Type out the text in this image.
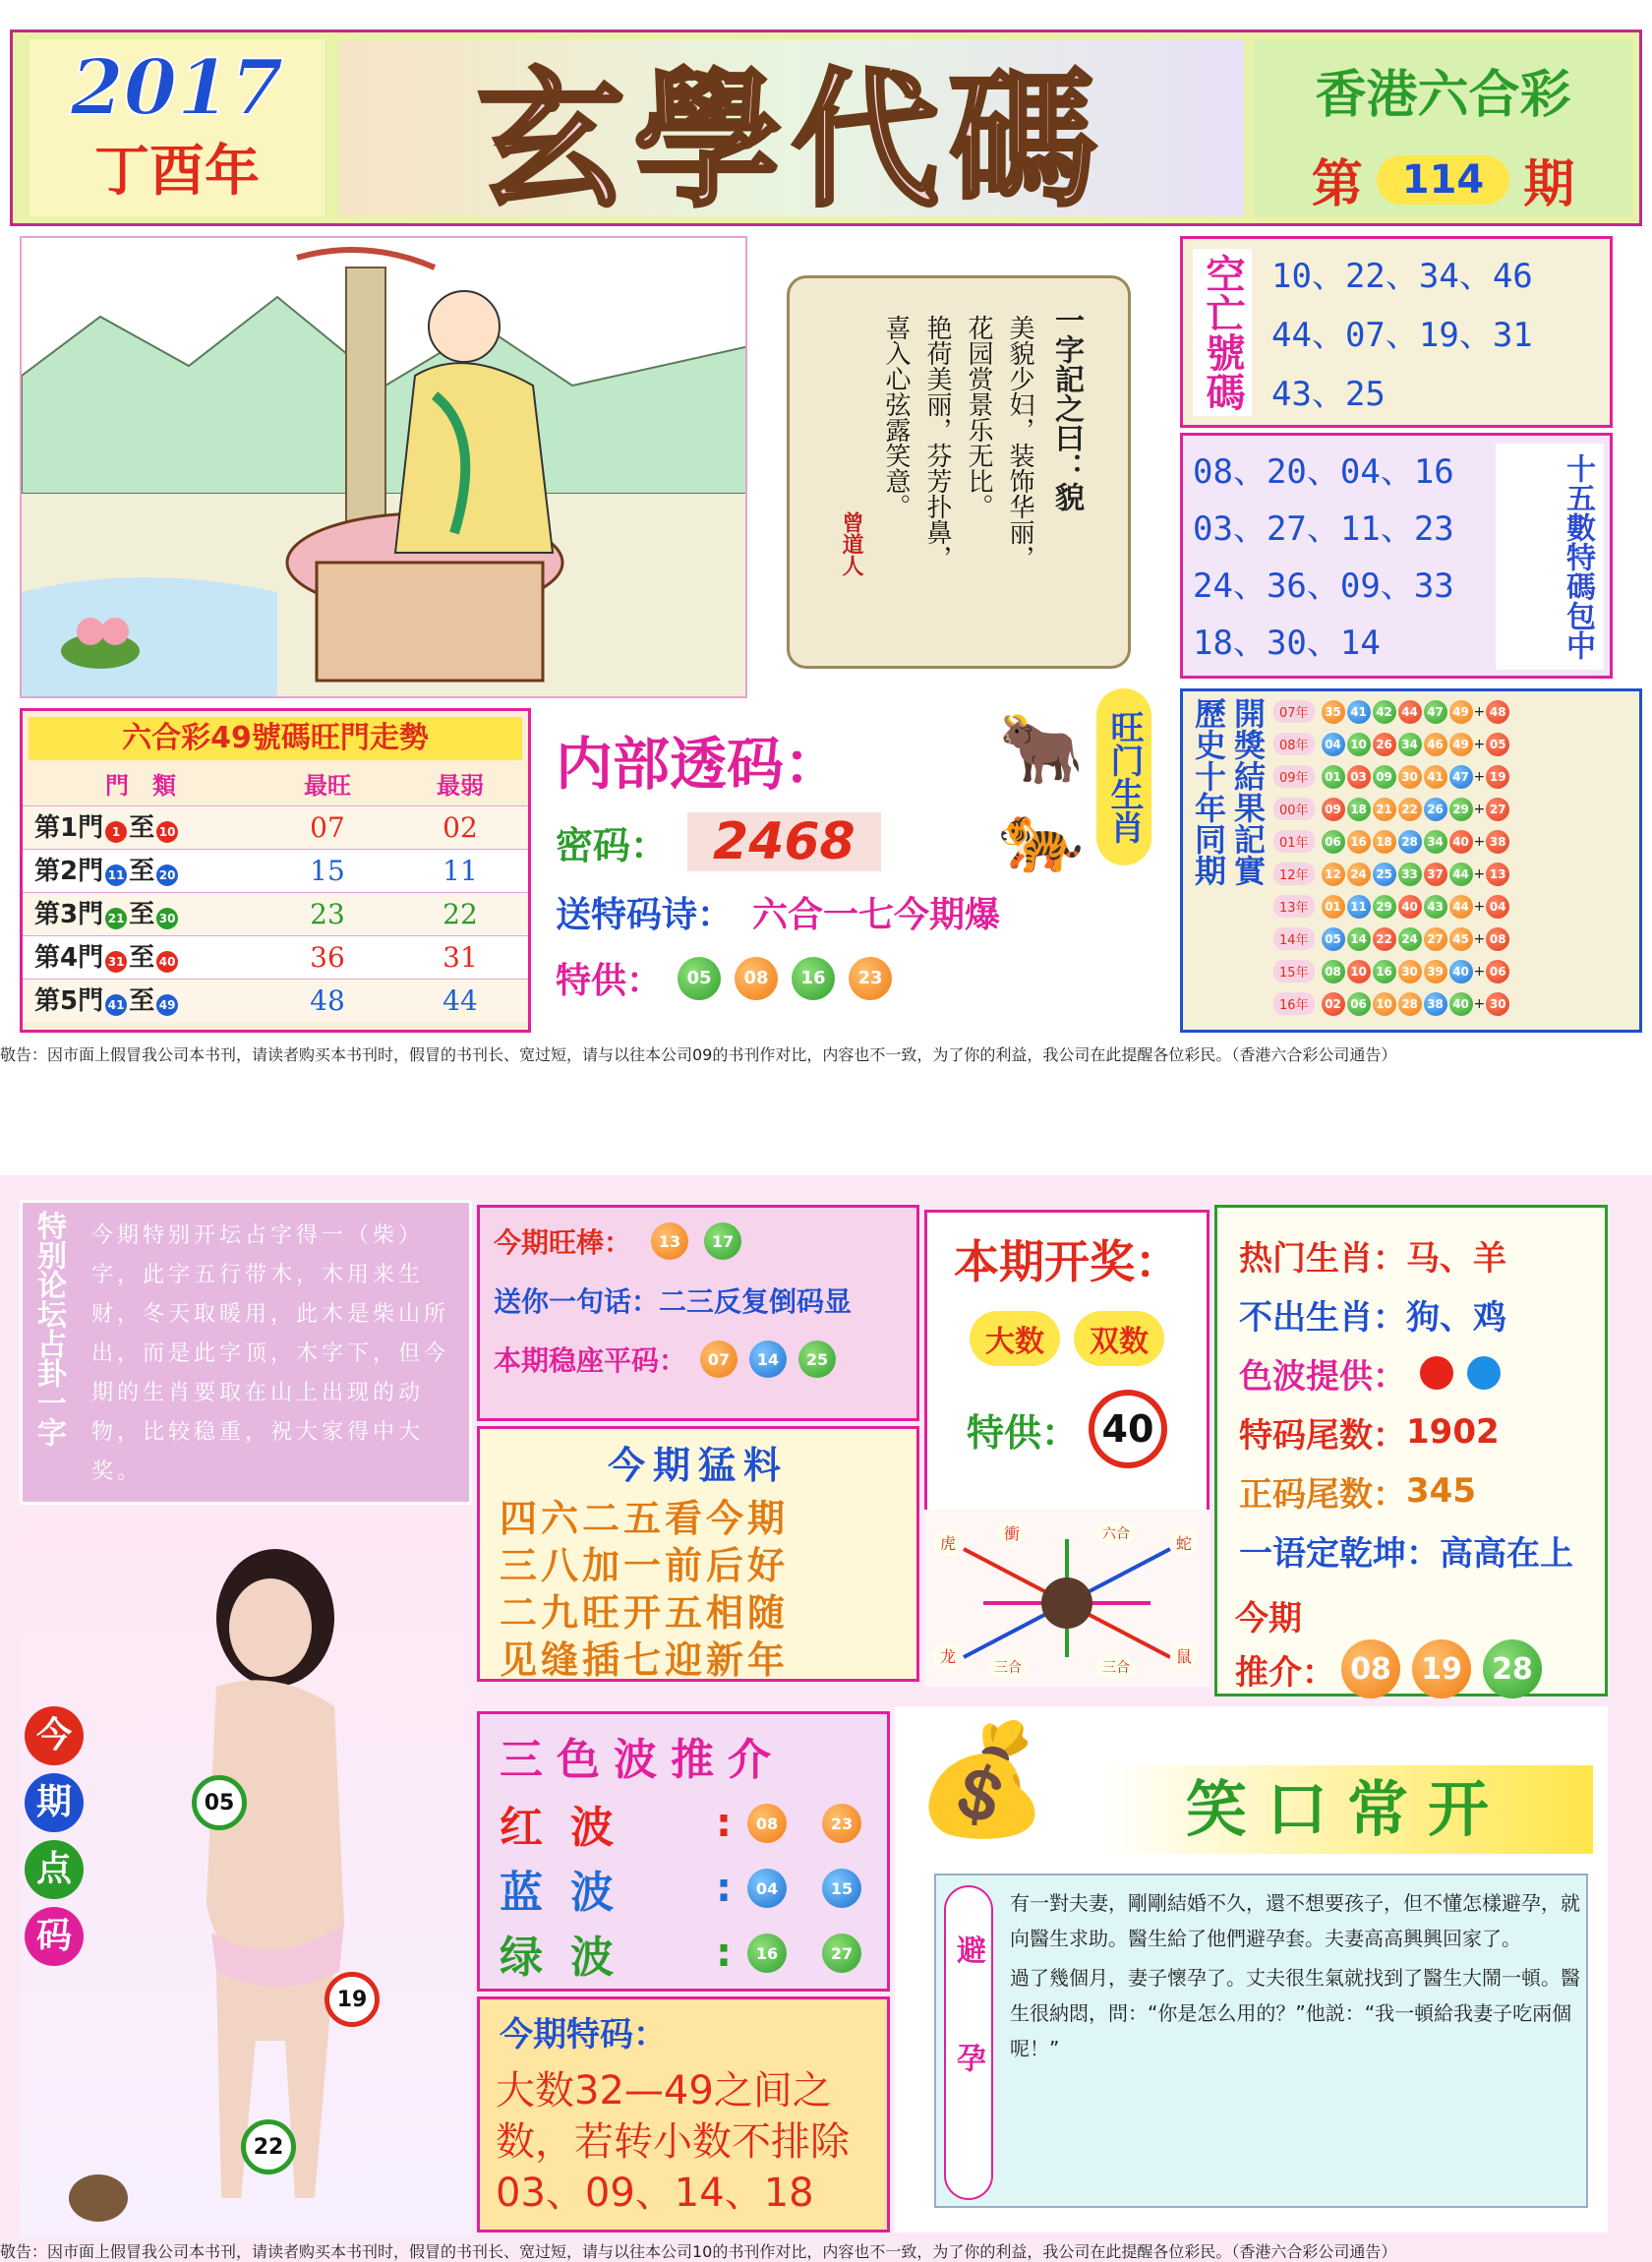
2017
丁酉年	玄學代碼	香港六合彩
第	114 期
一字記之曰：貌
美貌少妇，装饰华丽，
花园赏景乐无比。
艳荷美丽，芬芳扑鼻，
喜入心弦露笑意。
曾道人
空亡號碼 10、22、34、46
44、07、19、31
43、25
08、20、04、16
03、27、11、23
24、36、09、33
18、30、14	十五數特碼包中
六合彩49號碼旺門走勢
門　類	最旺	最弱
第1門 1 至 10	07	02
第2門 11 至 20	15	11
第3門 21 至 30	23	22
第4門 31 至 40	36	31
第5門 41 至 49	48	44
内部透码：
密码： 2468
送特码诗： 六合一七今期爆
特供：	05	08	16	23
🐂
🐅 旺门生肖	開獎結果記實
歷史十年同期	07年	35 41 42 44 47 49 + 48
08年	04 10 26 34 46 49 + 05
09年	01 03 09 30 41 47 + 19
00年	09 18 21 22 26 29 + 27
01年	06 16 18 28 34 40 + 38
12年	12 24 25 33 37 44 + 13
13年	01 11 29 40 43 44 + 04
14年	05 14 22 24 27 45 + 08
15年	08 10 16 30 39 40 + 06
16年	02 06 10 28 38 40 + 30
敬告：因市面上假冒我公司本书刊，请读者购买本书刊时，假冒的书刊长、宽过短，请与以往本公司09的书刊作对比，内容也不一致，为了你的利益，我公司在此提醒各位彩民。（香港六合彩公司通告）
特别论坛占卦一字 今期特别开坛占字得一（柴）字，此字五行带木，木用来生财，冬天取暖用，此木是柴山所出，而是此字顶，木字下，但今期的生肖要取在山上出现的动物，比较稳重，祝大家得中大奖。
今期旺棒：	13	17
送你一句话： 二三反复倒码显
本期稳座平码：	07	14	25
本期开奖：
大数	双数
特供： 40
热门生肖： 马、羊
不出生肖： 狗、鸡
色波提供：
特码尾数： 1902
正码尾数： 345
一语定乾坤： 高高在上
今期
推介： 08	19	28
今期猛料
四六二五看今期
三八加一前后好
二九旺开五相随
见缝插七迎新年
虎
衝	六合	蛇
龙
三合	三合
鼠
今
期
点
码
05
19
22
三色波推介
红波	:	08	23
蓝波	:	04	15
绿波	:	16	27
今期特码：
大数32—49之间之数，若转小数不排除03、09、14、18
💰	笑口常开
避孕

有一對夫妻，剛剛結婚不久，還不想要孩子，但不懂怎樣避孕，就向醫生求助。醫生給了他們避孕套。夫妻高高興興回家了。

過了幾個月，妻子懷孕了。丈夫很生氣就找到了醫生大鬧一頓。醫生很納悶，問：“你是怎么用的？”他説：“我一頓給我妻子吃兩個呢！”

敬告：因市面上假冒我公司本书刊，请读者购买本书刊时，假冒的书刊长、宽过短，请与以往本公司10的书刊作对比，内容也不一致，为了你的利益，我公司在此提醒各位彩民。（香港六合彩公司通告）
